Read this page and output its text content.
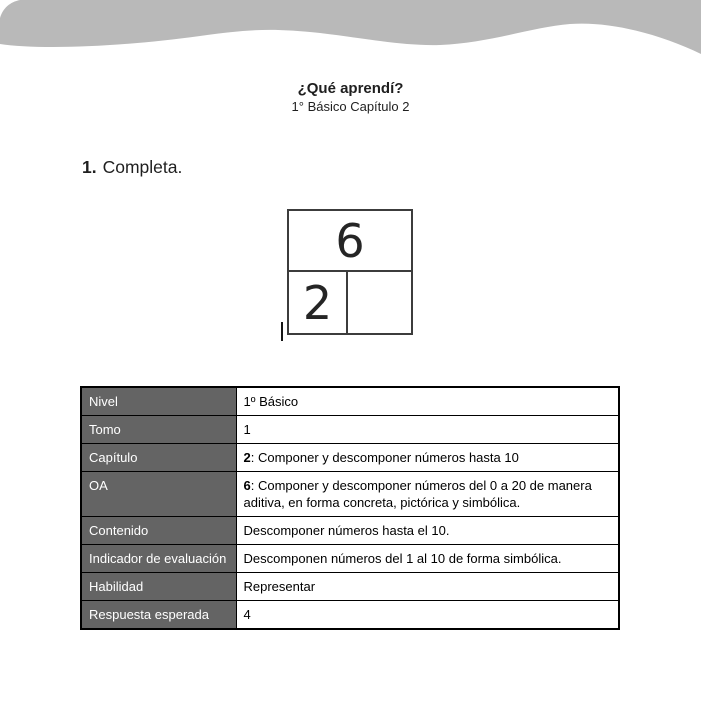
¿Qué aprendí?
1° Básico Capítulo 2
1. Completa.
6
2
Nivel	1º Básico
Tomo	1
Capítulo	2: Componer y descomponer números hasta 10
OA	6: Componer y descomponer números del 0 a 20 de manera aditiva, en forma concreta, pictórica y simbólica.
Contenido	Descomponer números hasta el 10.
Indicador de evaluación	Descomponen números del 1 al 10 de forma simbólica.
Habilidad	Representar
Respuesta esperada	4
